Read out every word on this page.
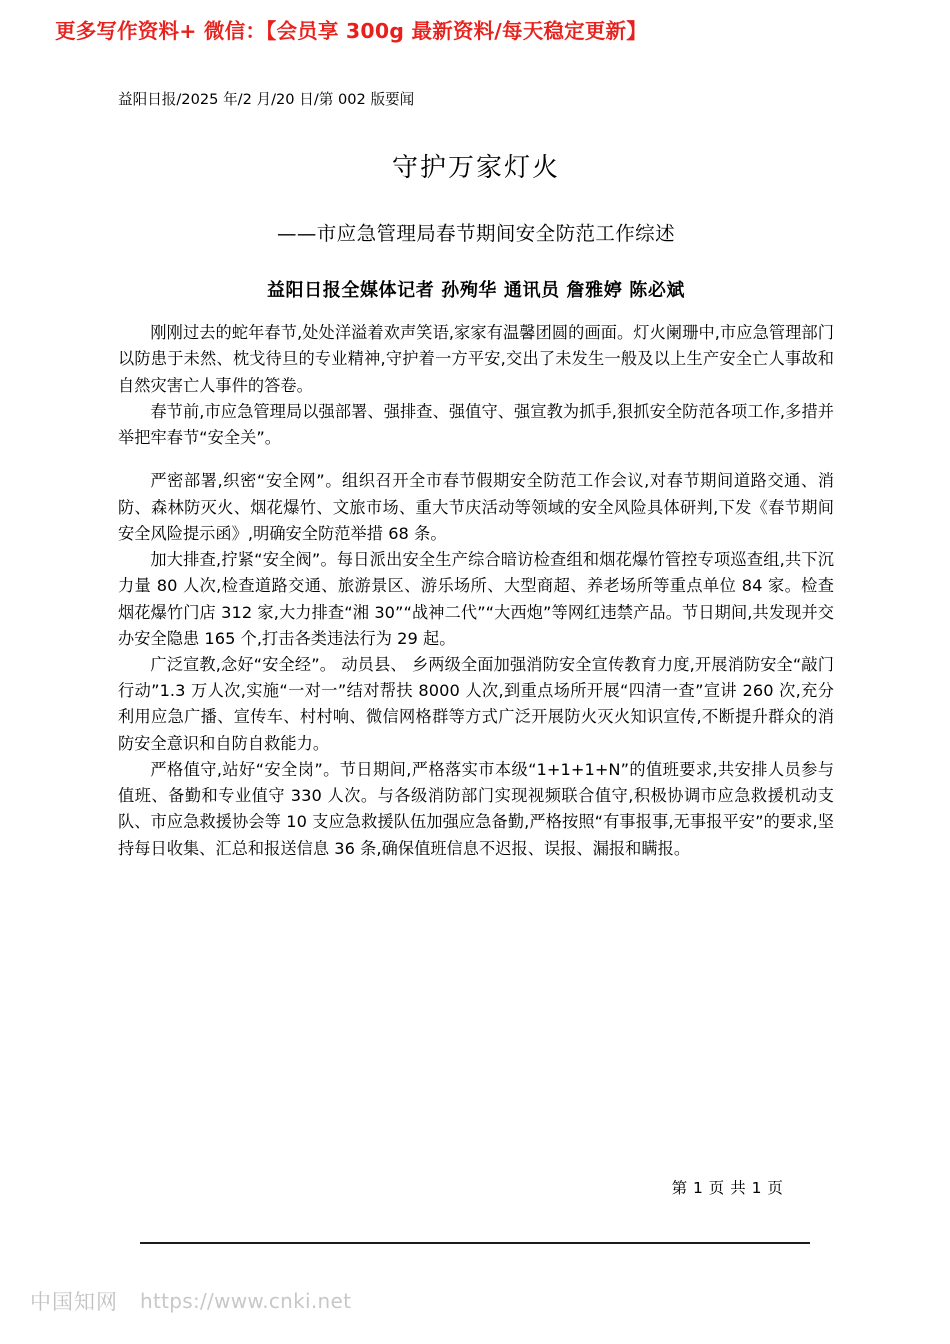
更多写作资料+ 微信：【会员享 300g 最新资料/每天稳定更新】
益阳日报/2025 年/2 月/20 日/第 002 版要闻
守护万家灯火
——市应急管理局春节期间安全防范工作综述
益阳日报全媒体记者 孙殉华 通讯员 詹雅婷 陈必斌

刚刚过去的蛇年春节,处处洋溢着欢声笑语,家家有温馨团圆的画面。灯火阑珊中,市应急管理部门以防患于未然、枕戈待旦的专业精神,守护着一方平安,交出了未发生一般及以上生产安全亡人事故和自然灾害亡人事件的答卷。

春节前,市应急管理局以强部署、强排查、强值守、强宣教为抓手,狠抓安全防范各项工作,多措并举把牢春节“安全关”。

严密部署,织密“安全网”。组织召开全市春节假期安全防范工作会议,对春节期间道路交通、消防、森林防灭火、烟花爆竹、文旅市场、重大节庆活动等领域的安全风险具体研判,下发《春节期间安全风险提示函》,明确安全防范举措 68 条。

加大排查,拧紧“安全阀”。每日派出安全生产综合暗访检查组和烟花爆竹管控专项巡查组,共下沉力量 80 人次,检查道路交通、旅游景区、游乐场所、大型商超、养老场所等重点单位 84 家。检查烟花爆竹门店 312 家,大力排查“湘 30”“战神二代”“大西炮”等网红违禁产品。节日期间,共发现并交办安全隐患 165 个,打击各类违法行为 29 起。

广泛宣教,念好“安全经”。 动员县、 乡两级全面加强消防安全宣传教育力度,开展消防安全“敲门行动”1.3 万人次,实施“一对一”结对帮扶 8000 人次,到重点场所开展“四清一查”宣讲 260 次,充分利用应急广播、宣传车、村村响、微信网格群等方式广泛开展防火灭火知识宣传,不断提升群众的消防安全意识和自防自救能力。

严格值守,站好“安全岗”。节日期间,严格落实市本级“1+1+1+N”的值班要求,共安排人员参与值班、备勤和专业值守 330 人次。与各级消防部门实现视频联合值守,积极协调市应急救援机动支队、市应急救援协会等 10 支应急救援队伍加强应急备勤,严格按照“有事报事,无事报平安”的要求,坚持每日收集、汇总和报送信息 36 条,确保值班信息不迟报、误报、漏报和瞒报。

第 1 页 共 1 页
中国知网 https://www.cnki.net
